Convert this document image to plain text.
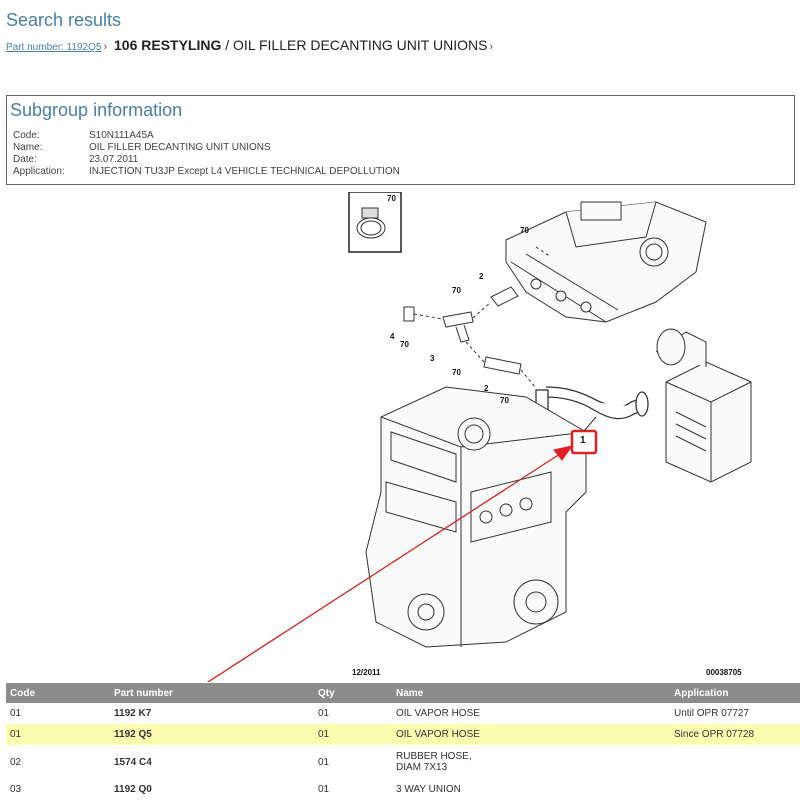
Search results
Part number: 1192Q5 › 106 RESTYLING / OIL FILLER DECANTING UNIT UNIONS ›
Subgroup information
Code:	S10N111A45A
Name:	OIL FILLER DECANTING UNIT UNIONS
Date:	23.07.2011
Application: INJECTION TU3JP Except L4 VEHICLE TECHNICAL DEPOLLUTION
70
70
2
70
4
70
3
70
2
70
1
12/2011	00038705
Code	Part number	Qty	Name	Application
01	1192 K7	01	OIL VAPOR HOSE	Until OPR 07727
01	1192 Q5	01	OIL VAPOR HOSE	Since OPR 07728
02	1574 C4	01	RUBBER HOSE,
DIAM 7X13	
03	1192 Q0	01	3 WAY UNION	
